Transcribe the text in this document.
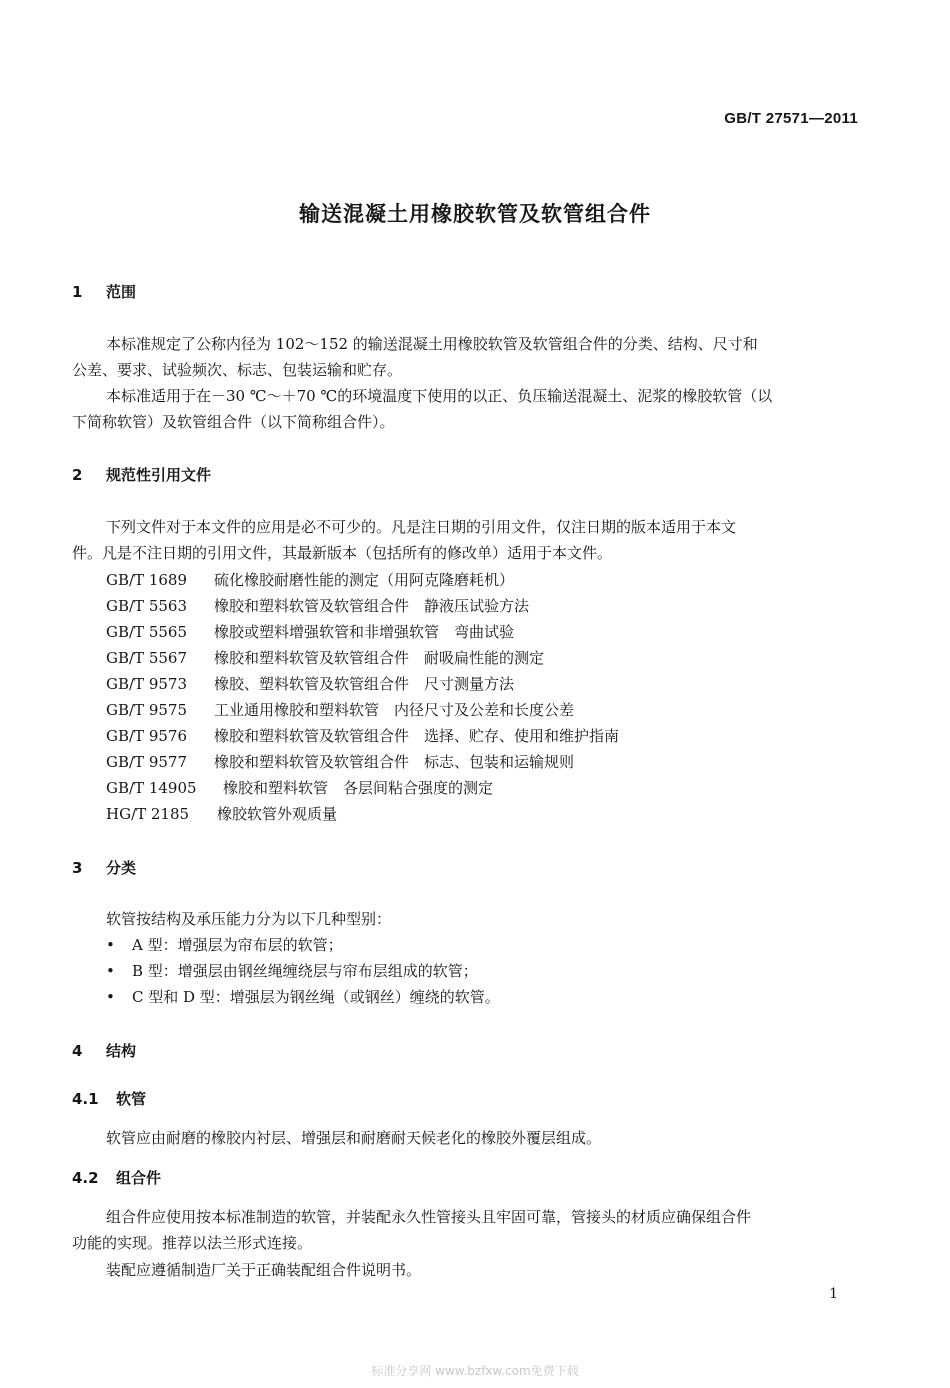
GB/T 27571—2011
输送混凝土用橡胶软管及软管组合件
1 范围
本标准规定了公称内径为 102～152 的输送混凝土用橡胶软管及软管组合件的分类、结构、尺寸和
公差、要求、试验频次、标志、包装运输和贮存。
本标准适用于在－30 ℃～＋70 ℃的环境温度下使用的以正、负压输送混凝土、泥浆的橡胶软管（以
下简称软管）及软管组合件（以下简称组合件）。
2 规范性引用文件
下列文件对于本文件的应用是必不可少的。凡是注日期的引用文件，仅注日期的版本适用于本文
件。凡是不注日期的引用文件，其最新版本（包括所有的修改单）适用于本文件。
GB/T 1689 硫化橡胶耐磨性能的测定（用阿克隆磨耗机）
GB/T 5563 橡胶和塑料软管及软管组合件　静液压试验方法
GB/T 5565 橡胶或塑料增强软管和非增强软管　弯曲试验
GB/T 5567 橡胶和塑料软管及软管组合件　耐吸扁性能的测定
GB/T 9573 橡胶、塑料软管及软管组合件　尺寸测量方法
GB/T 9575 工业通用橡胶和塑料软管　内径尺寸及公差和长度公差
GB/T 9576 橡胶和塑料软管及软管组合件　选择、贮存、使用和维护指南
GB/T 9577 橡胶和塑料软管及软管组合件　标志、包装和运输规则
GB/T 14905 橡胶和塑料软管　各层间粘合强度的测定
HG/T 2185 橡胶软管外观质量
3 分类
软管按结构及承压能力分为以下几种型别：
• A 型：增强层为帘布层的软管；
• B 型：增强层由钢丝绳缠绕层与帘布层组成的软管；
• C 型和 D 型：增强层为钢丝绳（或钢丝）缠绕的软管。
4 结构
4.1 软管
软管应由耐磨的橡胶内衬层、增强层和耐磨耐天候老化的橡胶外覆层组成。
4.2 组合件
组合件应使用按本标准制造的软管，并装配永久性管接头且牢固可靠，管接头的材质应确保组合件
功能的实现。推荐以法兰形式连接。
装配应遵循制造厂关于正确装配组合件说明书。
1
标准分享网 www.bzfxw.com免费下载
